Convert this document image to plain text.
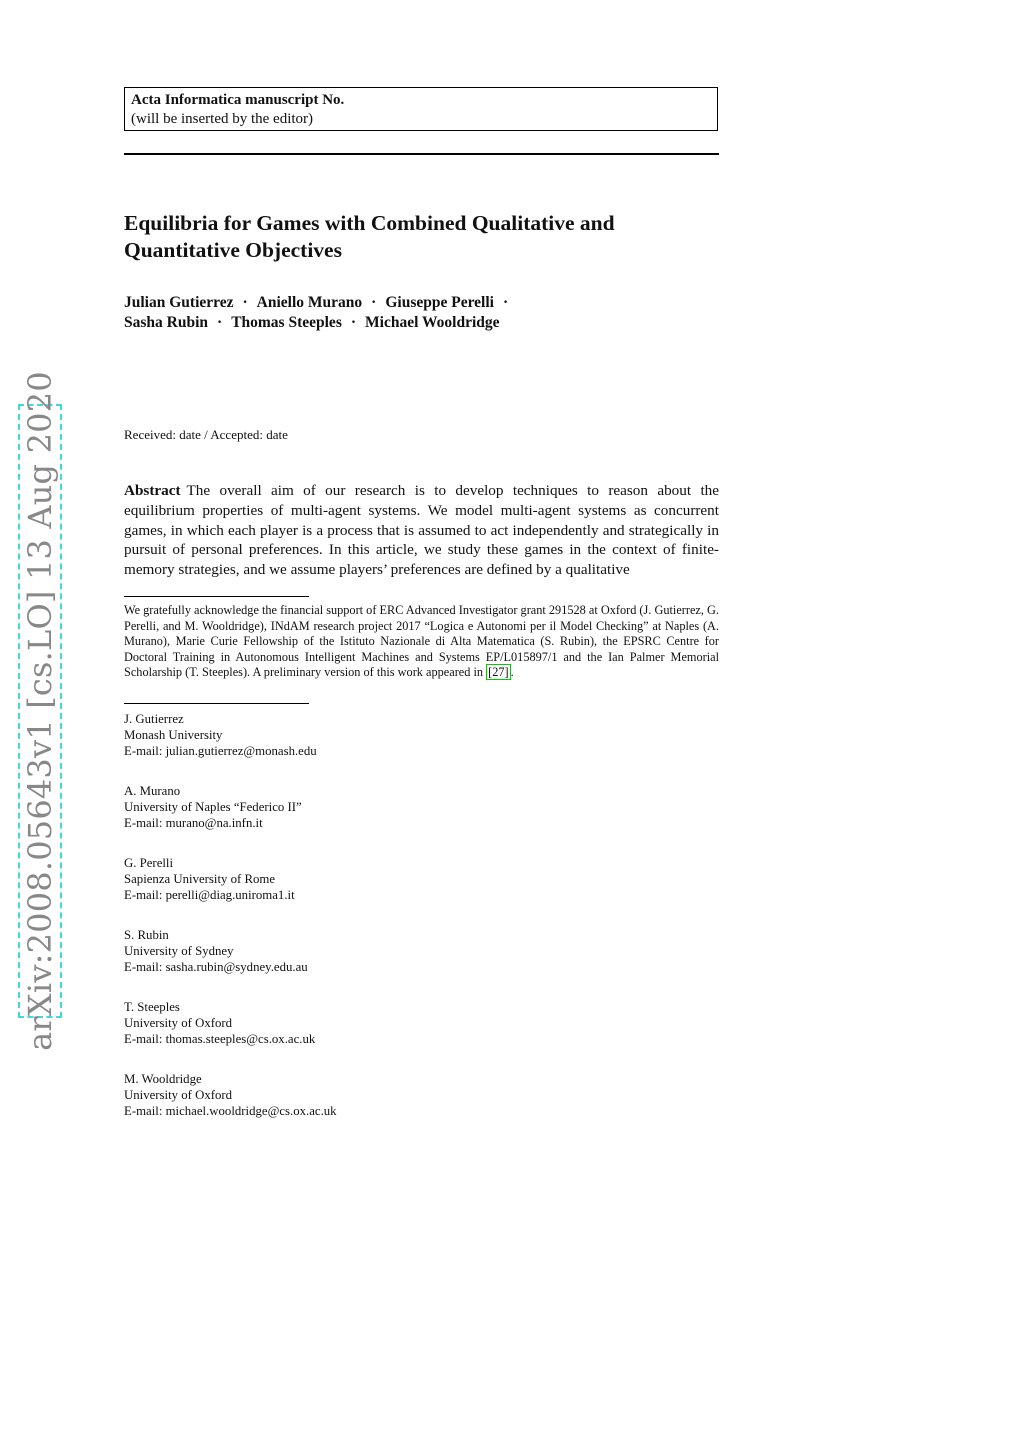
Acta Informatica manuscript No.
(will be inserted by the editor)
Equilibria for Games with Combined Qualitative and
Quantitative Objectives
Julian Gutierrez · Aniello Murano · Giuseppe Perelli ·Sasha Rubin · Thomas Steeples · Michael Wooldridge
Received: date / Accepted: date
Abstract The overall aim of our research is to develop techniques to reason about the equilibrium properties of multi-agent systems. We model multi-agent systems as concurrent games, in which each player is a process that is assumed to act independently and strategically in pursuit of personal preferences. In this article, we study these games in the context of finite-memory strategies, and we assume players’ preferences are defined by a qualitative
We gratefully acknowledge the financial support of ERC Advanced Investigator grant 291528 at Oxford (J. Gutierrez, G. Perelli, and M. Wooldridge), INdAM research project 2017 “Logica e Autonomi per il Model Checking” at Naples (A. Murano), Marie Curie Fellowship of the Istituto Nazionale di Alta Matematica (S. Rubin), the EPSRC Centre for Doctoral Training in Autonomous Intelligent Machines and Systems EP/L015897/1 and the Ian Palmer Memorial Scholarship (T. Steeples). A preliminary version of this work appeared in [27] .
J. Gutierrez
Monash University
E-mail: julian.gutierrez@monash.edu
A. Murano
University of Naples “Federico II”
E-mail: murano@na.infn.it
G. Perelli
Sapienza University of Rome
E-mail: perelli@diag.uniroma1.it
S. Rubin
University of Sydney
E-mail: sasha.rubin@sydney.edu.au
T. Steeples
University of Oxford
E-mail: thomas.steeples@cs.ox.ac.uk
M. Wooldridge
University of Oxford
E-mail: michael.wooldridge@cs.ox.ac.uk
arXiv:2008.05643v1 [cs.LO] 13 Aug 2020
